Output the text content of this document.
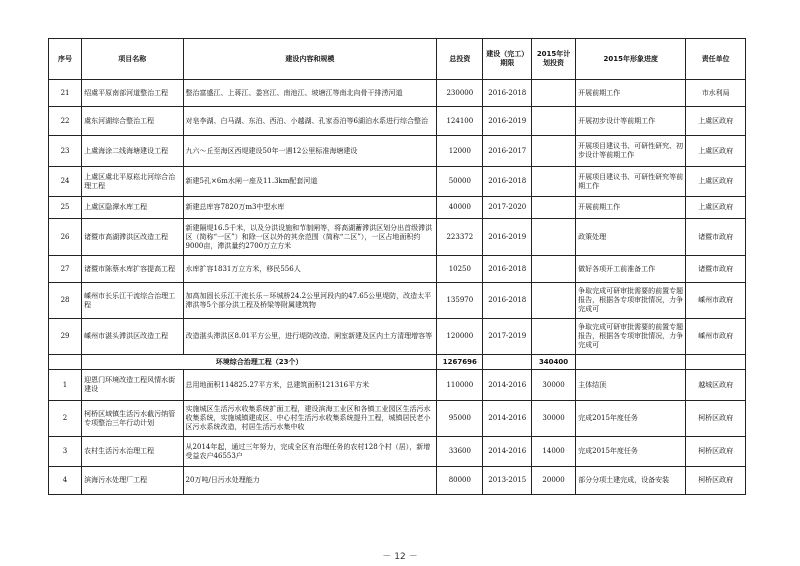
序号	项目名称	建设内容和规模	总投资	建设（完工）期限	2015年计划投资	2015年形象进度	责任单位
21	绍虞平原南部河道整治工程	整治富盛江、上蒋江、娄宫江、南池江、坡塘江等南北向骨干排涝河道	230000	2016-2018		开展前期工作	市水利局
22	虞东河湖综合整治工程	对皂李湖、白马湖、东泊、西泊、小越湖、孔家岙泊等6湖泊水系进行综合整治	124100	2016-2019		开展初步设计等前期工作	上虞区政府
23	上虞海涂二线海塘建设工程	九六～丘至海区西堤建设50年一遇12公里标准海塘建设	12000	2016-2017		开展项目建议书、可研性研究、初步设计等前期工作	上虞区政府
24	上虞区虞北平原崧北河综合治理工程	新建5孔×6m水闸一座及11.3km配套河道	50000	2016-2018		开展项目建议书、可研性研究等前期工作	上虞区政府
25	上虞区隐潭水库工程	新建总库容7820万m3中型水库	40000	2017-2020		开展前期工作	上虞区政府
26	诸暨市高湖滞洪区改造工程	新建隔堤16.5千米，以及分洪设施和节制闸等，将高湖蓄滞洪区划分出首级滞洪区（简称“一区”）和除一区以外的其余范围（简称“二区”），一区占地面积约9000亩，滞洪量约2700万立方米	223372	2016-2019		政策处理	诸暨市政府
27	诸暨市陈蔡水库扩容提高工程	水库扩容1831万立方米，移民556人	10250	2016-2018		做好各项开工前准备工作	诸暨市政府
28	嵊州市长乐江干流综合治理工程	加高加固长乐江干流长乐－环城桥24.2公里河段内的47.65公里堤防，改造太平滞洪等5个部分洪工程及桥梁等附属建筑物	135970	2016-2018		争取完成可研审批需要的前置专题报告，根据各专项审批情况，力争完成可	嵊州市政府
29	嵊州市湛头滞洪区改造工程	改造湛头滞洪区8.01平方公里，进行堤防改造、闸室新建及区内土方清理增容等	120000	2017-2019		争取完成可研审批需要的前置专题报告，根据各专项审批情况，力争完成可	嵊州市政府
	环境综合治理工程（23个）		1267696		340400		
1	迎恩门环境改造工程风情水街建设	总用地面积114825.27平方米，总建筑面积121316平方米	110000	2014-2016	30000	主体结顶	越城区政府
2	柯桥区域镇生活污水截污纳管专项整治三年行动计划	实施城区生活污水收集系统扩面工程，建设滨海工业区和各镇工业园区生活污水收集系统，实施城镇建成区、中心村生活污水收集系统提升工程，城镇居民老小区污水系统改造，村居生活污水集中收	95000	2014-2016	30000	完成2015年度任务	柯桥区政府
3	农村生活污水治理工程	从2014年起，通过三年努力，完成全区有治理任务的农村128个村（居），新增受益农户46553户	33600	2014-2016	14000	完成2015年度任务	柯桥区政府
4	滨海污水处理厂工程	20万吨/日污水处理能力	80000	2013-2015	20000	部分分项土建完成，设备安装	柯桥区政府
－ 12 －
